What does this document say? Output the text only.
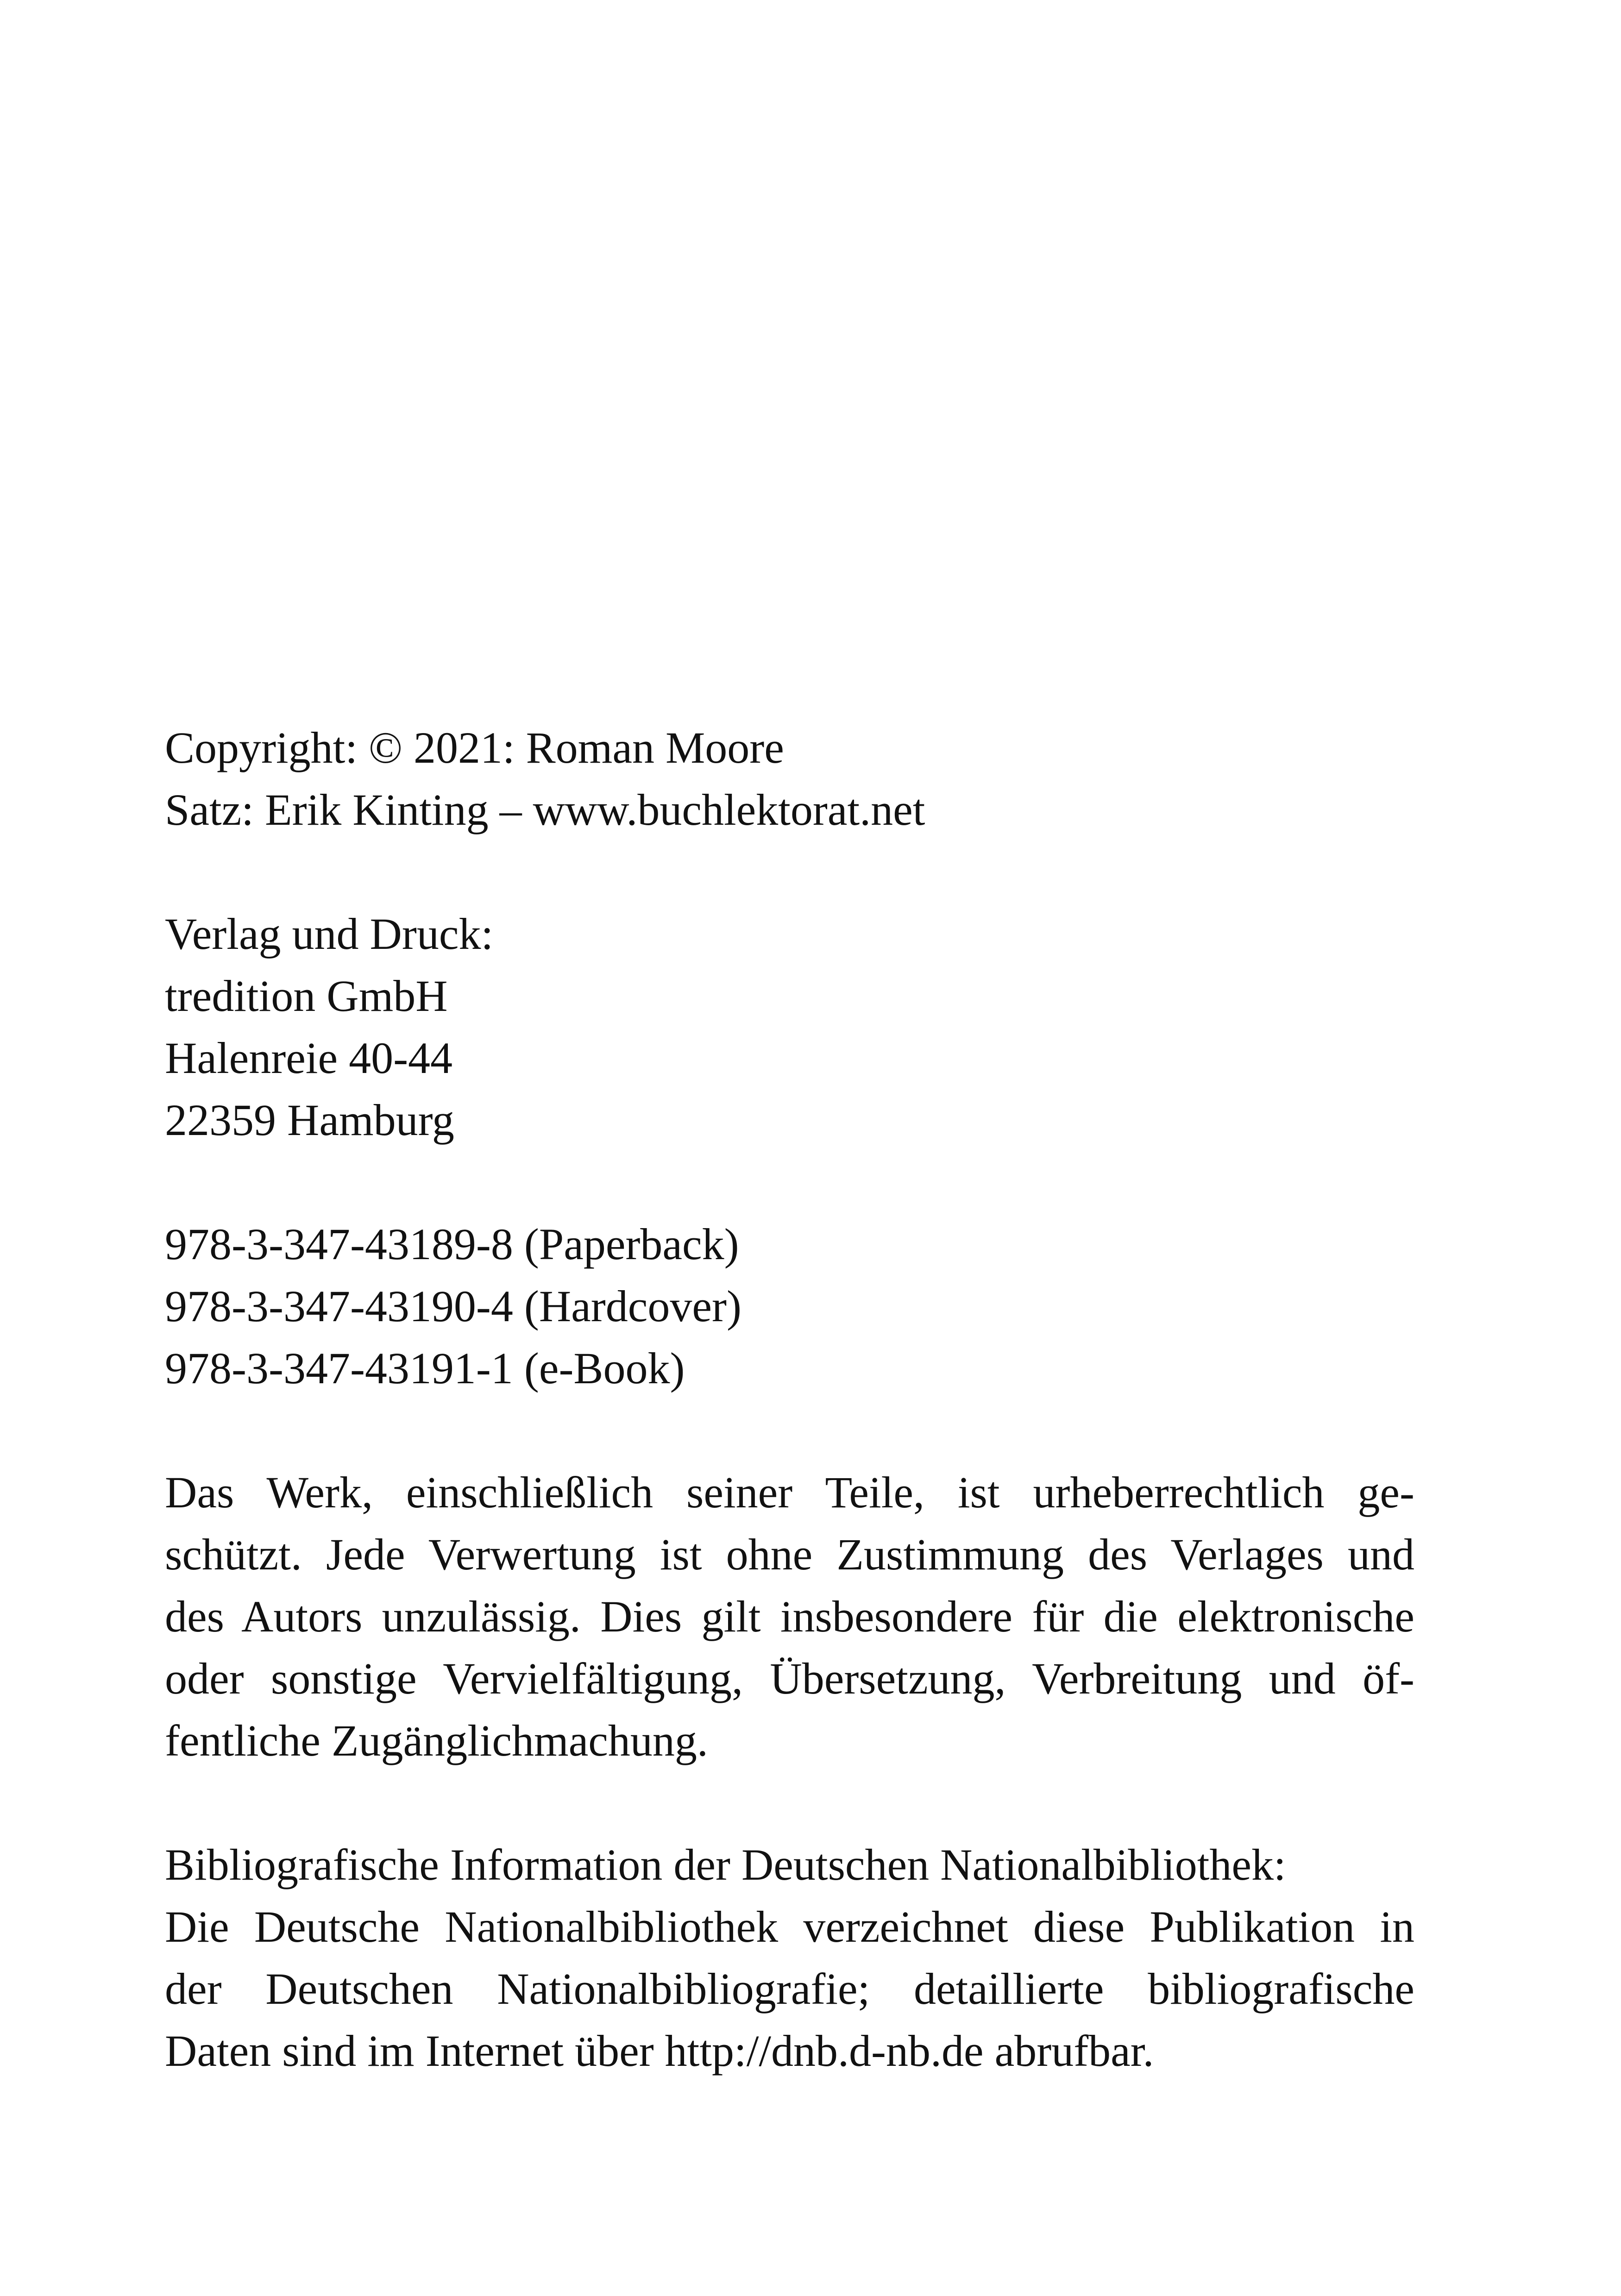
Copyright: © 2021: Roman Moore
Satz: Erik Kinting – www.buchlektorat.net
Verlag und Druck:
tredition GmbH
Halenreie 40-44
22359 Hamburg
978-3-347-43189-8 (Paperback)
978-3-347-43190-4 (Hardcover)
978-3-347-43191-1 (e-Book)
Das Werk, einschließlich seiner Teile, ist urheberrechtlich ge-
schützt. Jede Verwertung ist ohne Zustimmung des Verlages und
des Autors unzulässig. Dies gilt insbesondere für die elektronische
oder sonstige Vervielfältigung, Übersetzung, Verbreitung und öf-
fentliche Zugänglichmachung.
Bibliografische Information der Deutschen Nationalbibliothek:
Die Deutsche Nationalbibliothek verzeichnet diese Publikation in
der Deutschen Nationalbibliografie; detaillierte bibliografische
Daten sind im Internet über http://dnb.d-nb.de abrufbar.
